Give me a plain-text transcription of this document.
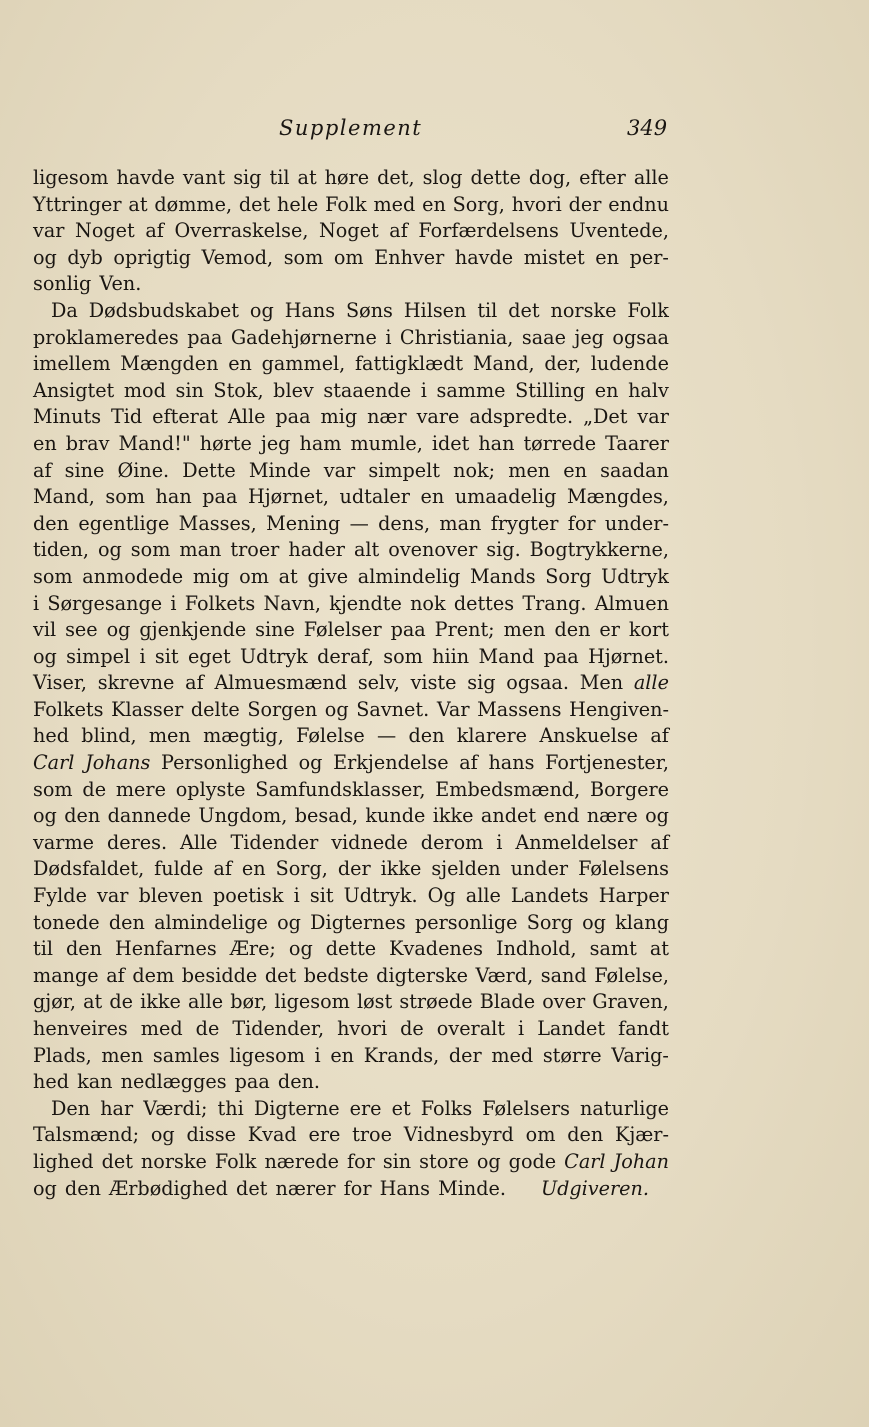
Supplement	349
ligesom havde vant sig til at høre det, slog dette dog, efter alle
Yttringer at dømme, det hele Folk med en Sorg, hvori der endnu
var Noget af Overraskelse, Noget af Forfærdelsens Uventede,
og dyb oprigtig Vemod, som om Enhver havde mistet en per-
sonlig Ven.
Da Dødsbudskabet og Hans Søns Hilsen til det norske Folk
proklameredes paa Gadehjørnerne i Christiania, saae jeg ogsaa
imellem Mængden en gammel, fattigklædt Mand, der, ludende
Ansigtet mod sin Stok, blev staaende i samme Stilling en halv
Minuts Tid efterat Alle paa mig nær vare adspredte. „Det var
en brav Mand!" hørte jeg ham mumle, idet han tørrede Taarer
af sine Øine. Dette Minde var simpelt nok; men en saadan
Mand, som han paa Hjørnet, udtaler en umaadelig Mængdes,
den egentlige Masses, Mening — dens, man frygter for under-
tiden, og som man troer hader alt ovenover sig. Bogtrykkerne,
som anmodede mig om at give almindelig Mands Sorg Udtryk
i Sørgesange i Folkets Navn, kjendte nok dettes Trang. Almuen
vil see og gjenkjende sine Følelser paa Prent; men den er kort
og simpel i sit eget Udtryk deraf, som hiin Mand paa Hjørnet.
Viser, skrevne af Almuesmænd selv, viste sig ogsaa. Men alle
Folkets Klasser delte Sorgen og Savnet. Var Massens Hengiven-
hed blind, men mægtig, Følelse — den klarere Anskuelse af
Carl Johans Personlighed og Erkjendelse af hans Fortjenester,
som de mere oplyste Samfundsklasser, Embedsmænd, Borgere
og den dannede Ungdom, besad, kunde ikke andet end nære og
varme deres. Alle Tidender vidnede derom i Anmeldelser af
Dødsfaldet, fulde af en Sorg, der ikke sjelden under Følelsens
Fylde var bleven poetisk i sit Udtryk. Og alle Landets Harper
tonede den almindelige og Digternes personlige Sorg og klang
til den Henfarnes Ære; og dette Kvadenes Indhold, samt at
mange af dem besidde det bedste digterske Værd, sand Følelse,
gjør, at de ikke alle bør, ligesom løst strøede Blade over Graven,
henveires med de Tidender, hvori de overalt i Landet fandt
Plads, men samles ligesom i en Krands, der med større Varig-
hed kan nedlægges paa den.
Den har Værdi; thi Digterne ere et Folks Følelsers naturlige
Talsmænd; og disse Kvad ere troe Vidnesbyrd om den Kjær-
lighed det norske Folk nærede for sin store og gode Carl Johan
og den Ærbødighed det nærer for Hans Minde. Udgiveren.
